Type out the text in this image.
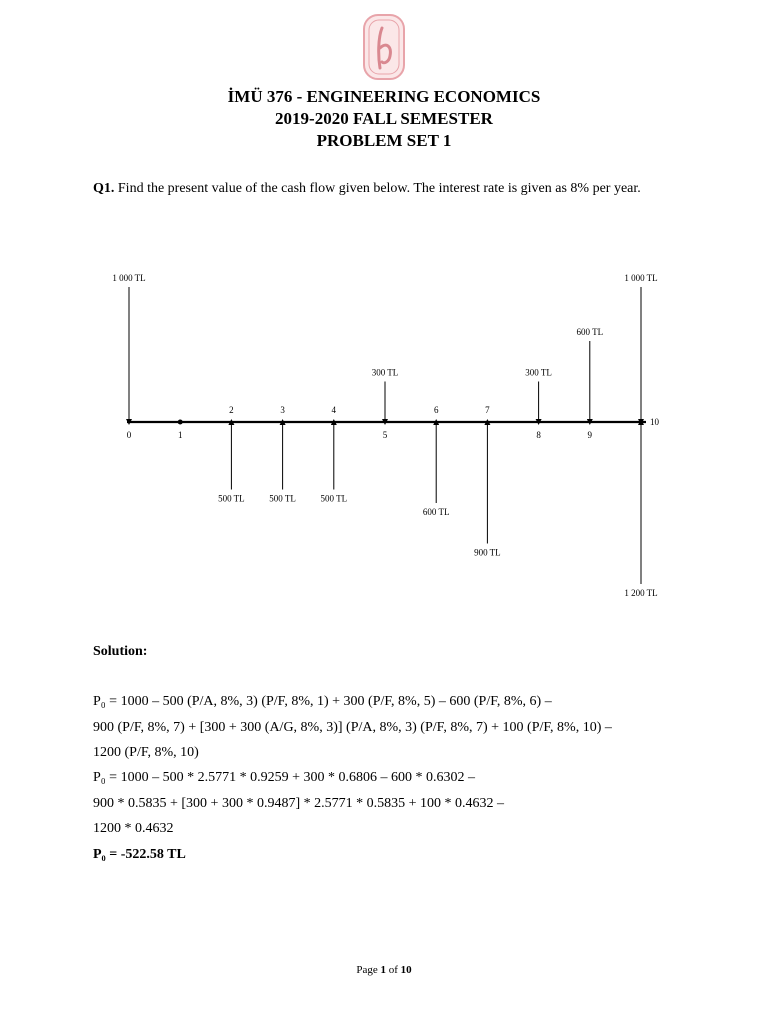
İMÜ 376 - ENGINEERING ECONOMICS
2019-2020 FALL SEMESTER
PROBLEM SET 1
Q1. Find the present value of the cash flow given below. The interest rate is given as 8% per year.
1 000 TL
0	1
500 TL
2
500 TL
3
500 TL
4
300 TL
5
600 TL
6
900 TL
7
300 TL
8
600 TL
9
1 000 TL
10
1 200 TL
Solution:
P₀ = 1000 – 500 (P/A, 8%, 3) (P/F, 8%, 1) + 300 (P/F, 8%, 5) – 600 (P/F, 8%, 6) –
900 (P/F, 8%, 7) + [300 + 300 (A/G, 8%, 3)] (P/A, 8%, 3) (P/F, 8%, 7) + 100 (P/F, 8%, 10) –
1200 (P/F, 8%, 10)
P₀ = 1000 – 500 * 2.5771 * 0.9259 + 300 * 0.6806 – 600 * 0.6302 –
900 * 0.5835 + [300 + 300 * 0.9487] * 2.5771 * 0.5835 + 100 * 0.4632 –
1200 * 0.4632
P₀ = -522.58 TL
Page 1 of 10
